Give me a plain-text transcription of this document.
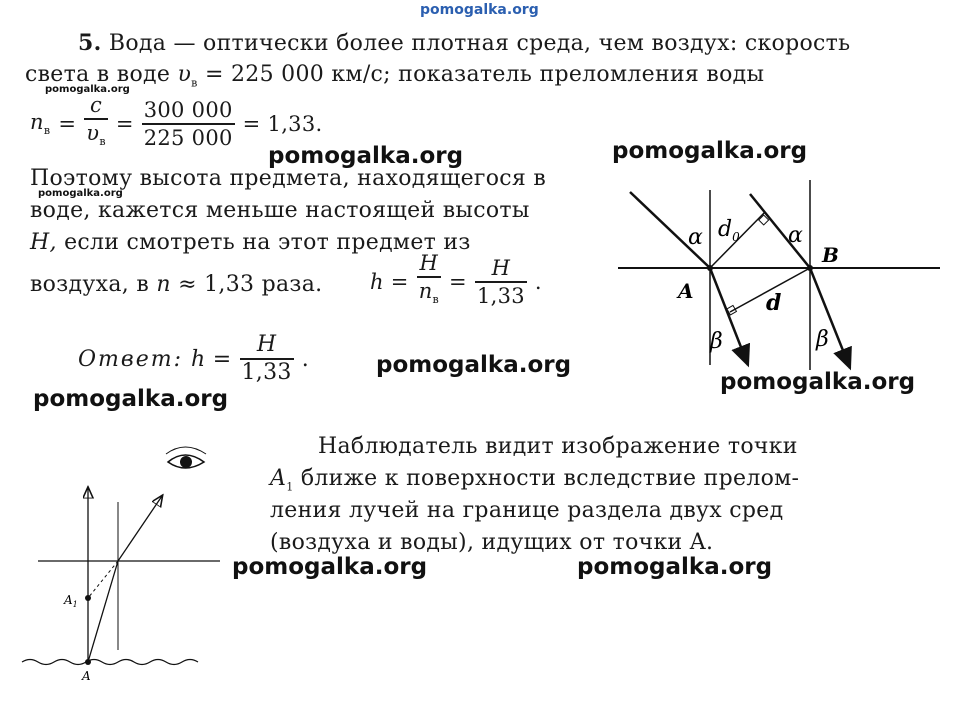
pomogalka.org
5. Вода — оптически более плотная среда, чем воздух: скорость
света в воде $\upsilon_в = 225$ 000 км/с; показатель преломления воды
pomogalka.org
$n_в = \frac{c}{\upsilon_в} = \frac{300 000}{225 000} = 1,33$.
pomogalka.org	pomogalka.org
Поэтому высота предмета, находящегося в
pomogalka.org
воде, кажется меньше настоящей высоты
H, если смотреть на этот предмет из
воздуха, в n ≈ 1,33 раза. $h = \frac{H}{n_в} = \frac{H}{1,33}$ .
Ответ: $h = \frac{H}{1,33}$ .	pomogalka.org
pomogalka.org
pomogalka.org
α $d_0$ α
B
A	d
β	β
Наблюдатель видит изображение точки
$A_1$ ближе к поверхности вследствие прелом-
ления лучей на границе раздела двух сред
(воздуха и воды), идущих от точки A.
pomogalka.org	pomogalka.org
$A_1$
A
